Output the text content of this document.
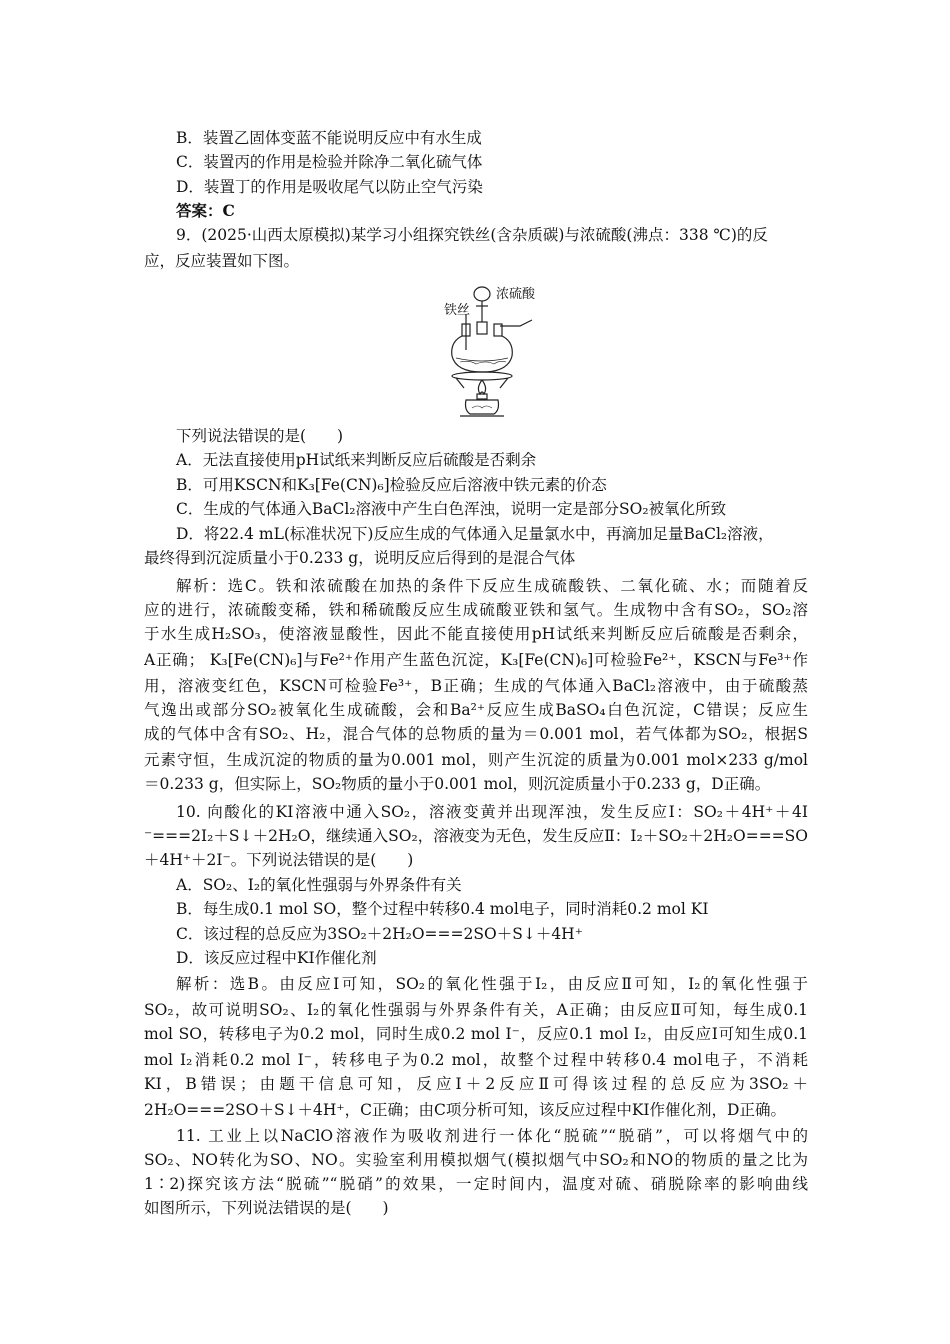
B．装置乙固体变蓝不能说明反应中有水生成
C．装置丙的作用是检验并除净二氧化硫气体
D．装置丁的作用是吸收尾气以防止空气污染
答案：C
9．(2025·山西太原模拟)某学习小组探究铁丝(含杂质碳)与浓硫酸(沸点：338 ℃)的反
应，反应装置如下图。
浓硫酸
铁丝
下列说法错误的是(　　)
A．无法直接使用pH试纸来判断反应后硫酸是否剩余
B．可用KSCN和K₃[Fe(CN)₆]检验反应后溶液中铁元素的价态
C．生成的气体通入BaCl₂溶液中产生白色浑浊，说明一定是部分SO₂被氧化所致
D．将22.4 mL(标准状况下)反应生成的气体通入足量氯水中，再滴加足量BaCl₂溶液，
最终得到沉淀质量小于0.233 g，说明反应后得到的是混合气体
解析：选C。铁和浓硫酸在加热的条件下反应生成硫酸铁、二氧化硫、水；而随着反
应的进行，浓硫酸变稀，铁和稀硫酸反应生成硫酸亚铁和氢气。生成物中含有SO₂，SO₂溶
于水生成H₂SO₃，使溶液显酸性，因此不能直接使用pH试纸来判断反应后硫酸是否剩余，
A正确； K₃[Fe(CN)₆]与Fe²⁺作用产生蓝色沉淀，K₃[Fe(CN)₆]可检验Fe²⁺，KSCN与Fe³⁺作
用，溶液变红色，KSCN可检验Fe³⁺，B正确；生成的气体通入BaCl₂溶液中，由于硫酸蒸
气逸出或部分SO₂被氧化生成硫酸，会和Ba²⁺反应生成BaSO₄白色沉淀，C错误；反应生
成的气体中含有SO₂、H₂，混合气体的总物质的量为＝0.001 mol，若气体都为SO₂，根据S
元素守恒，生成沉淀的物质的量为0.001 mol，则产生沉淀的质量为0.001 mol×233 g/mol
＝0.233 g，但实际上，SO₂物质的量小于0.001 mol，则沉淀质量小于0.233 g，D正确。
10. 向酸化的KI溶液中通入SO₂，溶液变黄并出现浑浊，发生反应Ⅰ：SO₂＋4H⁺＋4I
⁻===2I₂＋S↓＋2H₂O，继续通入SO₂，溶液变为无色，发生反应Ⅱ：I₂＋SO₂＋2H₂O===SO
＋4H⁺＋2I⁻。下列说法错误的是(　　)
A．SO₂、I₂的氧化性强弱与外界条件有关
B．每生成0.1 mol SO，整个过程中转移0.4 mol电子，同时消耗0.2 mol KI
C．该过程的总反应为3SO₂＋2H₂O===2SO＋S↓＋4H⁺
D．该反应过程中KI作催化剂
解析：选B。由反应Ⅰ可知，SO₂的氧化性强于I₂，由反应Ⅱ可知，I₂的氧化性强于
SO₂，故可说明SO₂、I₂的氧化性强弱与外界条件有关，A正确；由反应Ⅱ可知，每生成0.1
mol SO，转移电子为0.2 mol，同时生成0.2 mol I⁻，反应0.1 mol I₂，由反应Ⅰ可知生成0.1
mol I₂消耗0.2 mol I⁻，转移电子为0.2 mol，故整个过程中转移0.4 mol电子，不消耗
KI，B错误；由题干信息可知，反应Ⅰ＋2反应Ⅱ可得该过程的总反应为3SO₂＋
2H₂O===2SO＋S↓＋4H⁺，C正确；由C项分析可知，该反应过程中KI作催化剂，D正确。
11. 工业上以NaClO溶液作为吸收剂进行一体化“脱硫”“脱硝”，可以将烟气中的
SO₂、NO转化为SO、NO。实验室利用模拟烟气(模拟烟气中SO₂和NO的物质的量之比为
1∶2)探究该方法“脱硫”“脱硝”的效果，一定时间内，温度对硫、硝脱除率的影响曲线
如图所示，下列说法错误的是(　　)
